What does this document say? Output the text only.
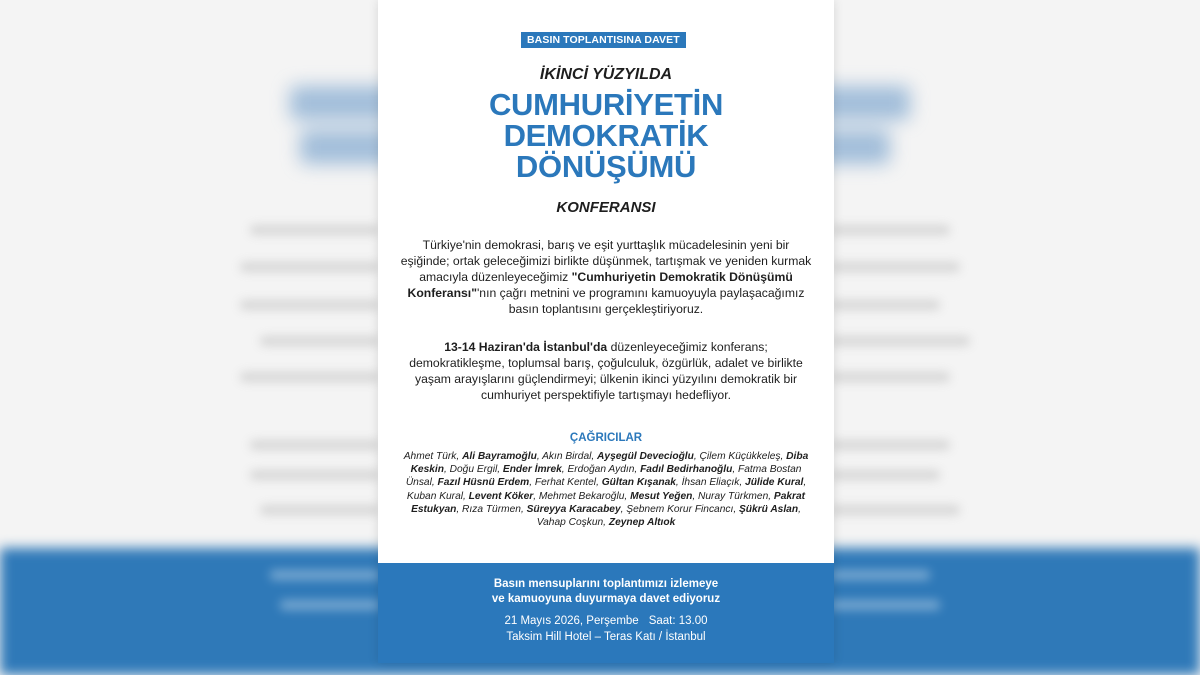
BASIN TOPLANTISINA DAVET
İKİNCİ YÜZYILDA
CUMHURİYETİN
DEMOKRATİK
DÖNÜŞÜMÜ
KONFERANSI
Türkiye'nin demokrasi, barış ve eşit yurttaşlık mücadelesinin yeni bir eşiğinde; ortak geleceğimizi birlikte düşünmek, tartışmak ve yeniden kurmak amacıyla düzenleyeceğimiz "Cumhuriyetin Demokratik Dönüşümü Konferansı"'nın çağrı metnini ve programını kamuoyuyla paylaşacağımız basın toplantısını gerçekleştiriyoruz.
13-14 Haziran'da İstanbul'da düzenleyeceğimiz konferans; demokratikleşme, toplumsal barış, çoğulculuk, özgürlük, adalet ve birlikte yaşam arayışlarını güçlendirmeyi; ülkenin ikinci yüzyılını demokratik bir cumhuriyet perspektifiyle tartışmayı hedefliyor.
ÇAĞRICILAR
Ahmet Türk, Ali Bayramoğlu, Akın Birdal, Ayşegül Devecioğlu, Çilem Küçükkeleş, Diba Keskin, Doğu Ergil, Ender İmrek, Erdoğan Aydın, Fadıl Bedirhanoğlu, Fatma Bostan Ünsal, Fazıl Hüsnü Erdem, Ferhat Kentel, Gültan Kışanak, İhsan Eliaçık, Jülide Kural, Kuban Kural, Levent Köker, Mehmet Bekaroğlu, Mesut Yeğen, Nuray Türkmen, Pakrat Estukyan, Rıza Türmen, Süreyya Karacabey, Şebnem Korur Fincancı, Şükrü Aslan, Vahap Coşkun, Zeynep Altıok
Basın mensuplarını toplantımızı izlemeye
ve kamuoyuna duyurmaya davet ediyoruz
21 Mayıs 2026, Perşembe Saat: 13.00
Taksim Hill Hotel – Teras Katı / İstanbul
